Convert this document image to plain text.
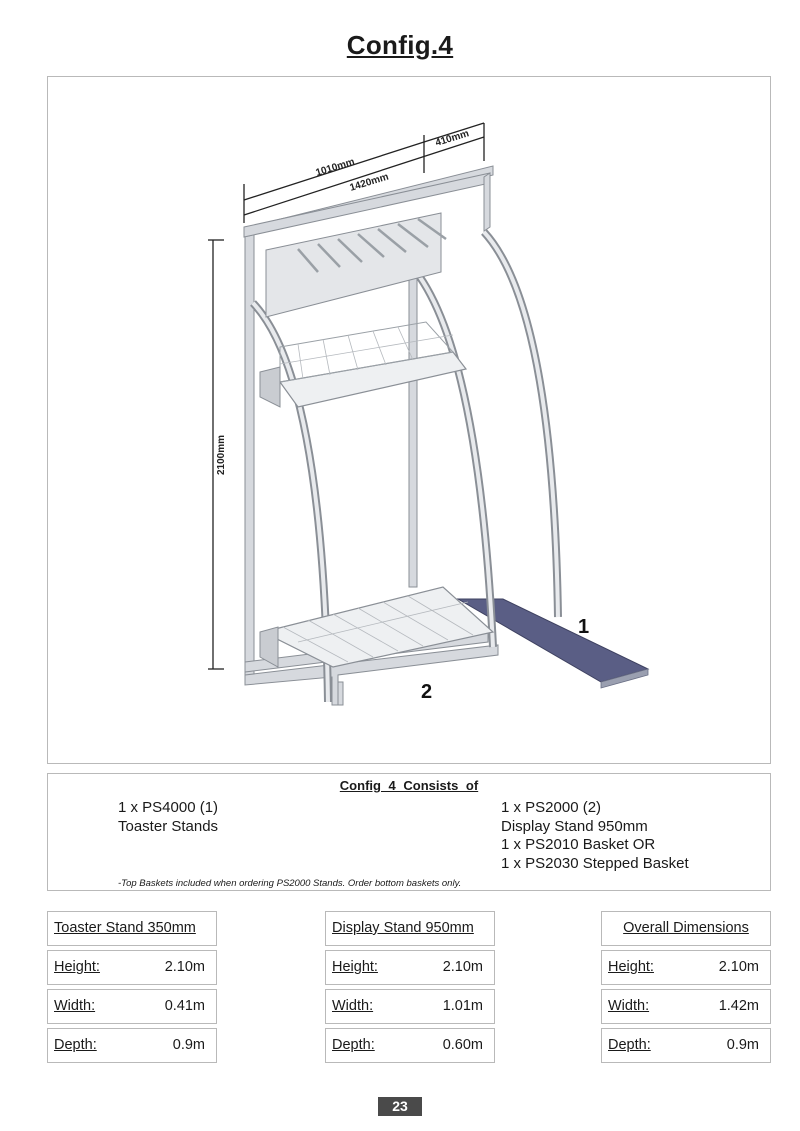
Config.4
2100mm
1010mm
1420mm
410mm
1
2
Config 4 Consists of
1 x PS4000 (1)
Toaster Stands
1 x PS2000 (2)
Display Stand 950mm
1 x PS2010 Basket OR
1 x PS2030 Stepped Basket
-Top Baskets included when ordering PS2000 Stands. Order bottom baskets only.
Toaster Stand 350mm
Height:	2.10m
Width:	0.41m
Depth:	0.9m
Display Stand 950mm
Height:	2.10m
Width:	1.01m
Depth:	0.60m
Overall Dimensions
Height:	2.10m
Width:	1.42m
Depth:	0.9m
23
